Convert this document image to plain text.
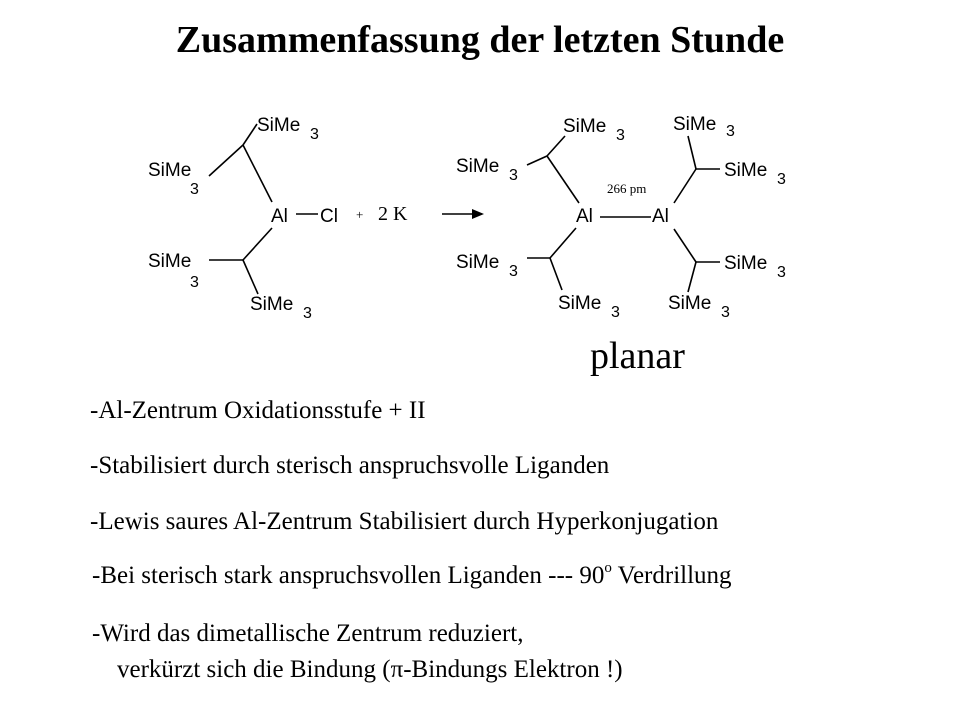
Zusammenfassung der letzten Stunde
SiMe 3
SiMe
3
Al Cl
SiMe
3
SiMe 3
+ 2 K
SiMe 3
SiMe 3
266 pm
Al	Al
SiMe 3
SiMe 3
SiMe 3	SiMe 3
SiMe 3	SiMe 3
planar
-Al-Zentrum Oxidationsstufe + II
-Stabilisiert durch sterisch anspruchsvolle Liganden
-Lewis saures Al-Zentrum Stabilisiert durch Hyperkonjugation
-Bei sterisch stark anspruchsvollen Liganden --- 90$^o$ Verdrillung
-Wird das dimetallische Zentrum reduziert,
verkürzt sich die Bindung (π-Bindungs Elektron !)
